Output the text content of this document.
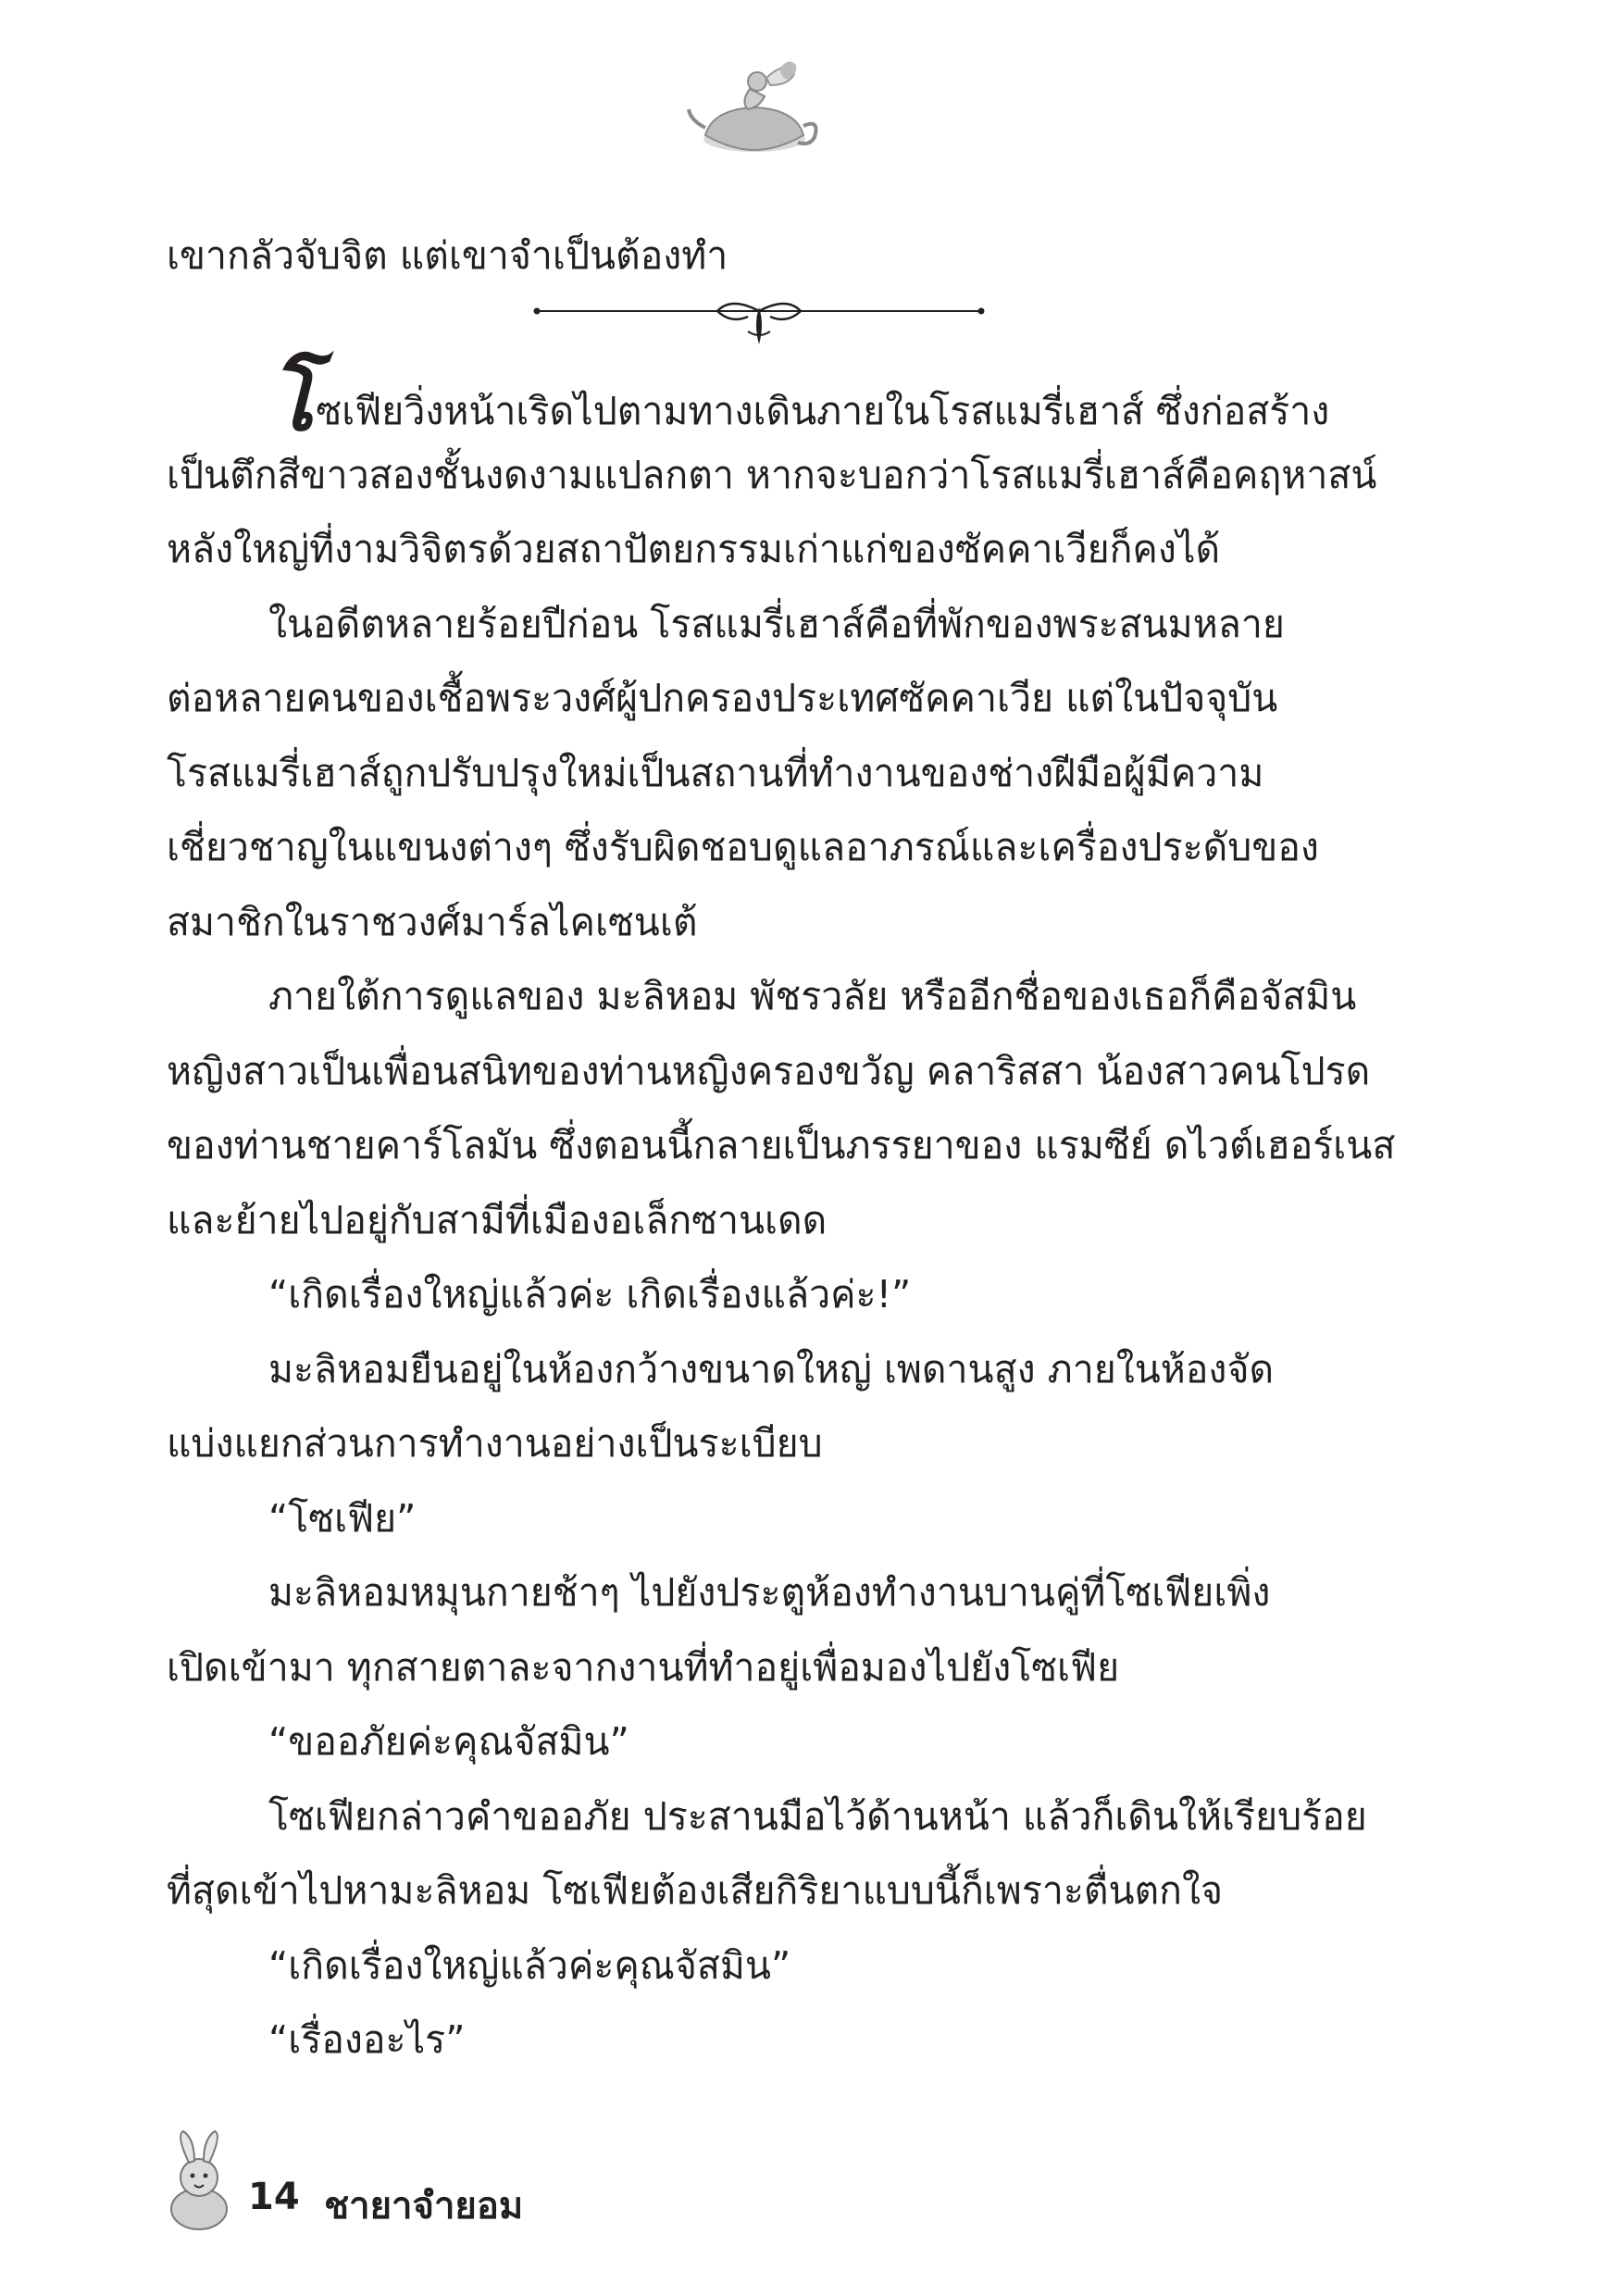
เขากลัวจับจิต แต่เขาจำเป็นต้องทำ
โซเฟียวิ่งหน้าเริดไปตามทางเดินภายในโรสแมรี่เฮาส์ ซึ่งก่อสร้าง
เป็นตึกสีขาวสองชั้นงดงามแปลกตา หากจะบอกว่าโรสแมรี่เฮาส์คือคฤหาสน์
หลังใหญ่ที่งามวิจิตรด้วยสถาปัตยกรรมเก่าแก่ของซัคคาเวียก็คงได้
ในอดีตหลายร้อยปีก่อน โรสแมรี่เฮาส์คือที่พักของพระสนมหลาย
ต่อหลายคนของเชื้อพระวงศ์ผู้ปกครองประเทศซัคคาเวีย แต่ในปัจจุบัน
โรสแมรี่เฮาส์ถูกปรับปรุงใหม่เป็นสถานที่ทำงานของช่างฝีมือผู้มีความ
เชี่ยวชาญในแขนงต่างๆ ซึ่งรับผิดชอบดูแลอาภรณ์และเครื่องประดับของ
สมาชิกในราชวงศ์มาร์ลไคเซนเต้
ภายใต้การดูแลของ มะลิหอม พัชรวลัย หรืออีกชื่อของเธอก็คือจัสมิน
หญิงสาวเป็นเพื่อนสนิทของท่านหญิงครองขวัญ คลาริสสา น้องสาวคนโปรด
ของท่านชายคาร์โลมัน ซึ่งตอนนี้กลายเป็นภรรยาของ แรมซีย์ ดไวต์เฮอร์เนส
และย้ายไปอยู่กับสามีที่เมืองอเล็กซานเดด
“เกิดเรื่องใหญ่แล้วค่ะ เกิดเรื่องแล้วค่ะ!”
มะลิหอมยืนอยู่ในห้องกว้างขนาดใหญ่ เพดานสูง ภายในห้องจัด
แบ่งแยกส่วนการทำงานอย่างเป็นระเบียบ
“โซเฟีย”
มะลิหอมหมุนกายช้าๆ ไปยังประตูห้องทำงานบานคู่ที่โซเฟียเพิ่ง
เปิดเข้ามา ทุกสายตาละจากงานที่ทำอยู่เพื่อมองไปยังโซเฟีย
“ขออภัยค่ะคุณจัสมิน”
โซเฟียกล่าวคำขออภัย ประสานมือไว้ด้านหน้า แล้วก็เดินให้เรียบร้อย
ที่สุดเข้าไปหามะลิหอม โซเฟียต้องเสียกิริยาแบบนี้ก็เพราะตื่นตกใจ
“เกิดเรื่องใหญ่แล้วค่ะคุณจัสมิน”
“เรื่องอะไร”
14 ชายาจำยอม
